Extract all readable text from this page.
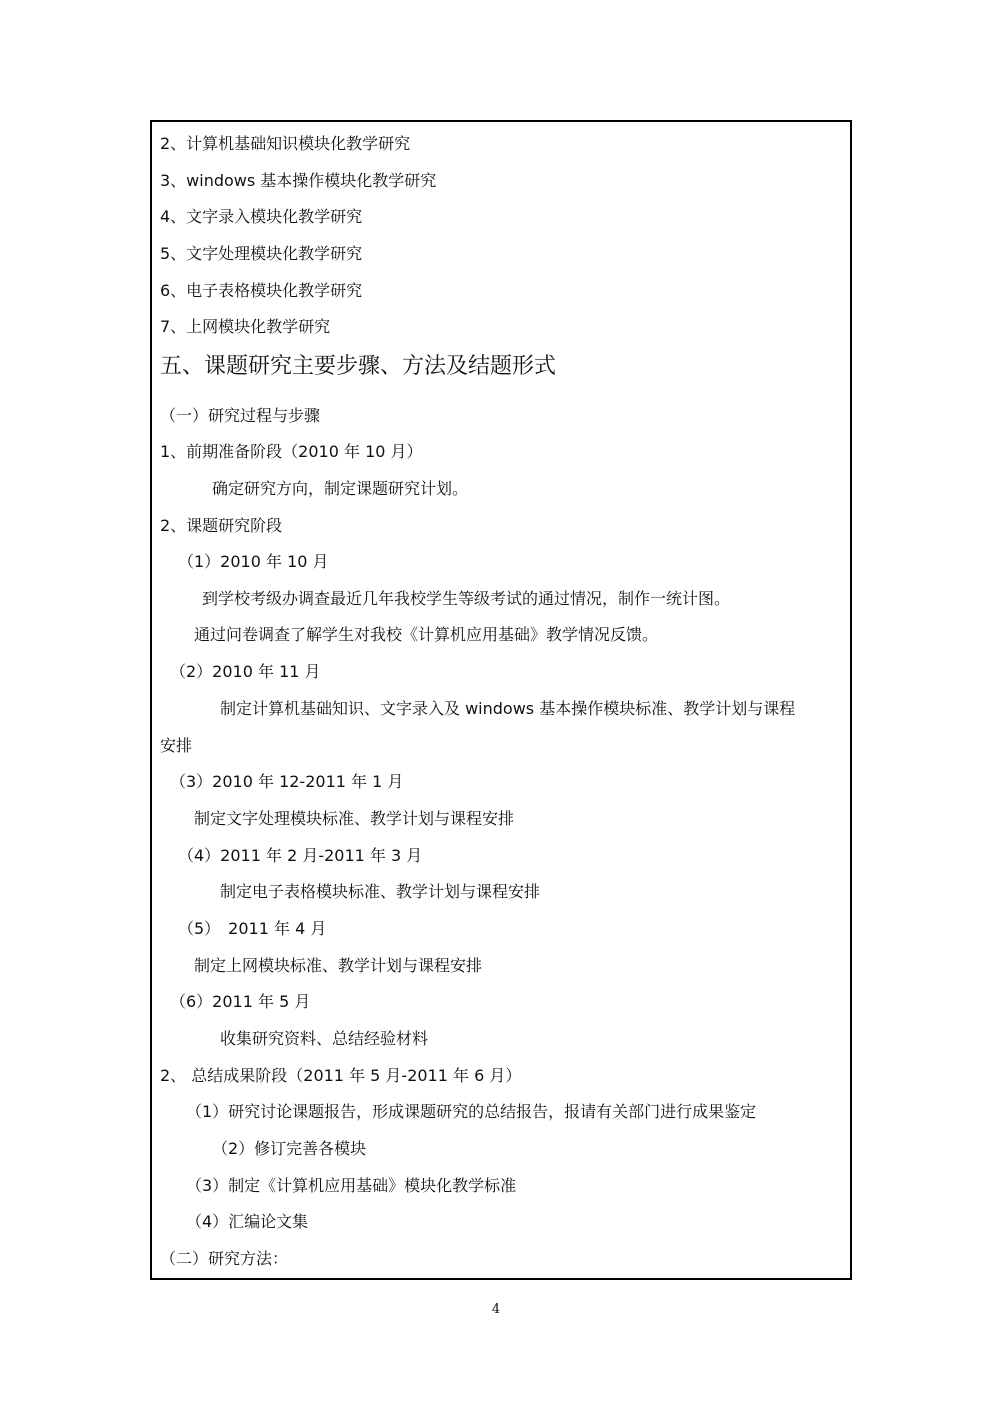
2、计算机基础知识模块化教学研究
3、windows 基本操作模块化教学研究
4、文字录入模块化教学研究
5、文字处理模块化教学研究
6、电子表格模块化教学研究
7、上网模块化教学研究
五、课题研究主要步骤、方法及结题形式
（一）研究过程与步骤
1、前期准备阶段（2010 年 10 月）
确定研究方向，制定课题研究计划。
2、课题研究阶段
（1）2010 年 10 月
到学校考级办调查最近几年我校学生等级考试的通过情况，制作一统计图。
通过问卷调查了解学生对我校《计算机应用基础》教学情况反馈。
（2）2010 年 11 月
制定计算机基础知识、文字录入及 windows 基本操作模块标准、教学计划与课程
安排
（3）2010 年 12-2011 年 1 月
制定文字处理模块标准、教学计划与课程安排
（4）2011 年 2 月-2011 年 3 月
制定电子表格模块标准、教学计划与课程安排
（5）　2011 年 4 月
制定上网模块标准、教学计划与课程安排
（6）2011 年 5 月
收集研究资料、总结经验材料
2、 总结成果阶段（2011 年 5 月-2011 年 6 月）
（1）研究讨论课题报告，形成课题研究的总结报告，报请有关部门进行成果鉴定
（2）修订完善各模块
（3）制定《计算机应用基础》模块化教学标准
（4）汇编论文集
（二）研究方法：
4
